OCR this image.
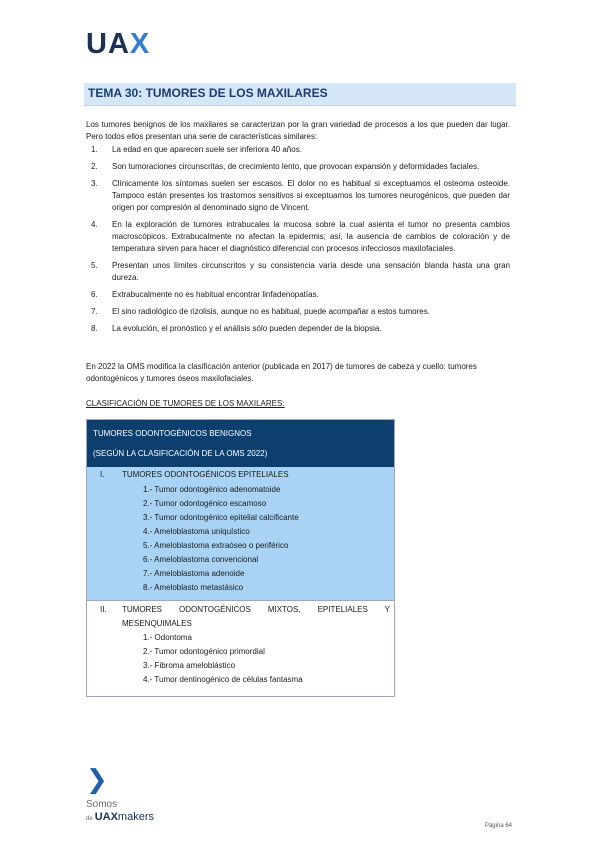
UAX
TEMA 30: TUMORES DE LOS MAXILARES

Los tumores benignos de los maxilares se caracterizan por la gran variedad de procesos a los que pueden dar lugar. Pero todos ellos presentan una serie de características similares:

1. La edad en que aparecen suele ser inferiora 40 años.
2. Son tumoraciones circunscritas, de crecimiento lento, que provocan expansión y deformidades faciales.
3. Clínicamente los síntomas suelen ser escasos. El dolor no es habitual si exceptuamos el osteoma osteoide. Tampoco están presentes los trastornos sensitivos si exceptuamos los tumores neurogénicos, que pueden dar origen por compresión al denominado signo de Vincent.
4. En la exploración de tumores intrabucales la mucosa sobre la cual asienta el tumor no presenta cambios macroscópicos. Extrabucalmente no afectan la epidermis; así, la ausencia de cambios de coloración y de temperatura sirven para hacer el diagnóstico diferencial con procesos infecciosos maxilofaciales.
5. Presentan unos límites circunscritos y su consistencia varía desde una sensación blanda hasta una gran dureza.
6. Extrabucalmente no es habitual encontrar linfadenopatías.
7. El sino radiológico de rizolisis, aunque no es habitual, puede acompañar a estos tumores.
8. La evolución, el pronóstico y el análisis sólo pueden depender de la biopsia.

En 2022 la OMS modifica la clasificación anterior (publicada en 2017) de tumores de cabeza y cuello: tumores odontogénicos y tumores óseos maxilofaciales.

CLASIFICACIÓN DE TUMORES DE LOS MAXILARES:
TUMORES ODONTOGÉNICOS BENIGNOS
(SEGÚN LA CLASIFICACIÓN DE LA OMS 2022)
I. TUMORES ODONTOGÉNICOS EPITELIALES
1.- Tumor odontogénico adenomatoide
2.- Tumor odontogénico escamoso
3.- Tumor odontogénico epitelial calcificante
4.- Ameloblastoma uniquístico
5.- Ameloblastoma extraóseo o periférico
6.- Ameloblastoma convencional
7.- Ameloblastoma adenoide
8.- Ameloblasto metastásico
II. TUMORES ODONTOGÉNICOS MIXTOS, EPITELIALES Y
MESENQUIMALES
1.- Odontoma
2.- Tumor odontogénico primordial
3.- Fibroma ameloblástico
4.- Tumor dentinogénico de células fantasma
❯
Somos
de UAXmakers
Página 64
